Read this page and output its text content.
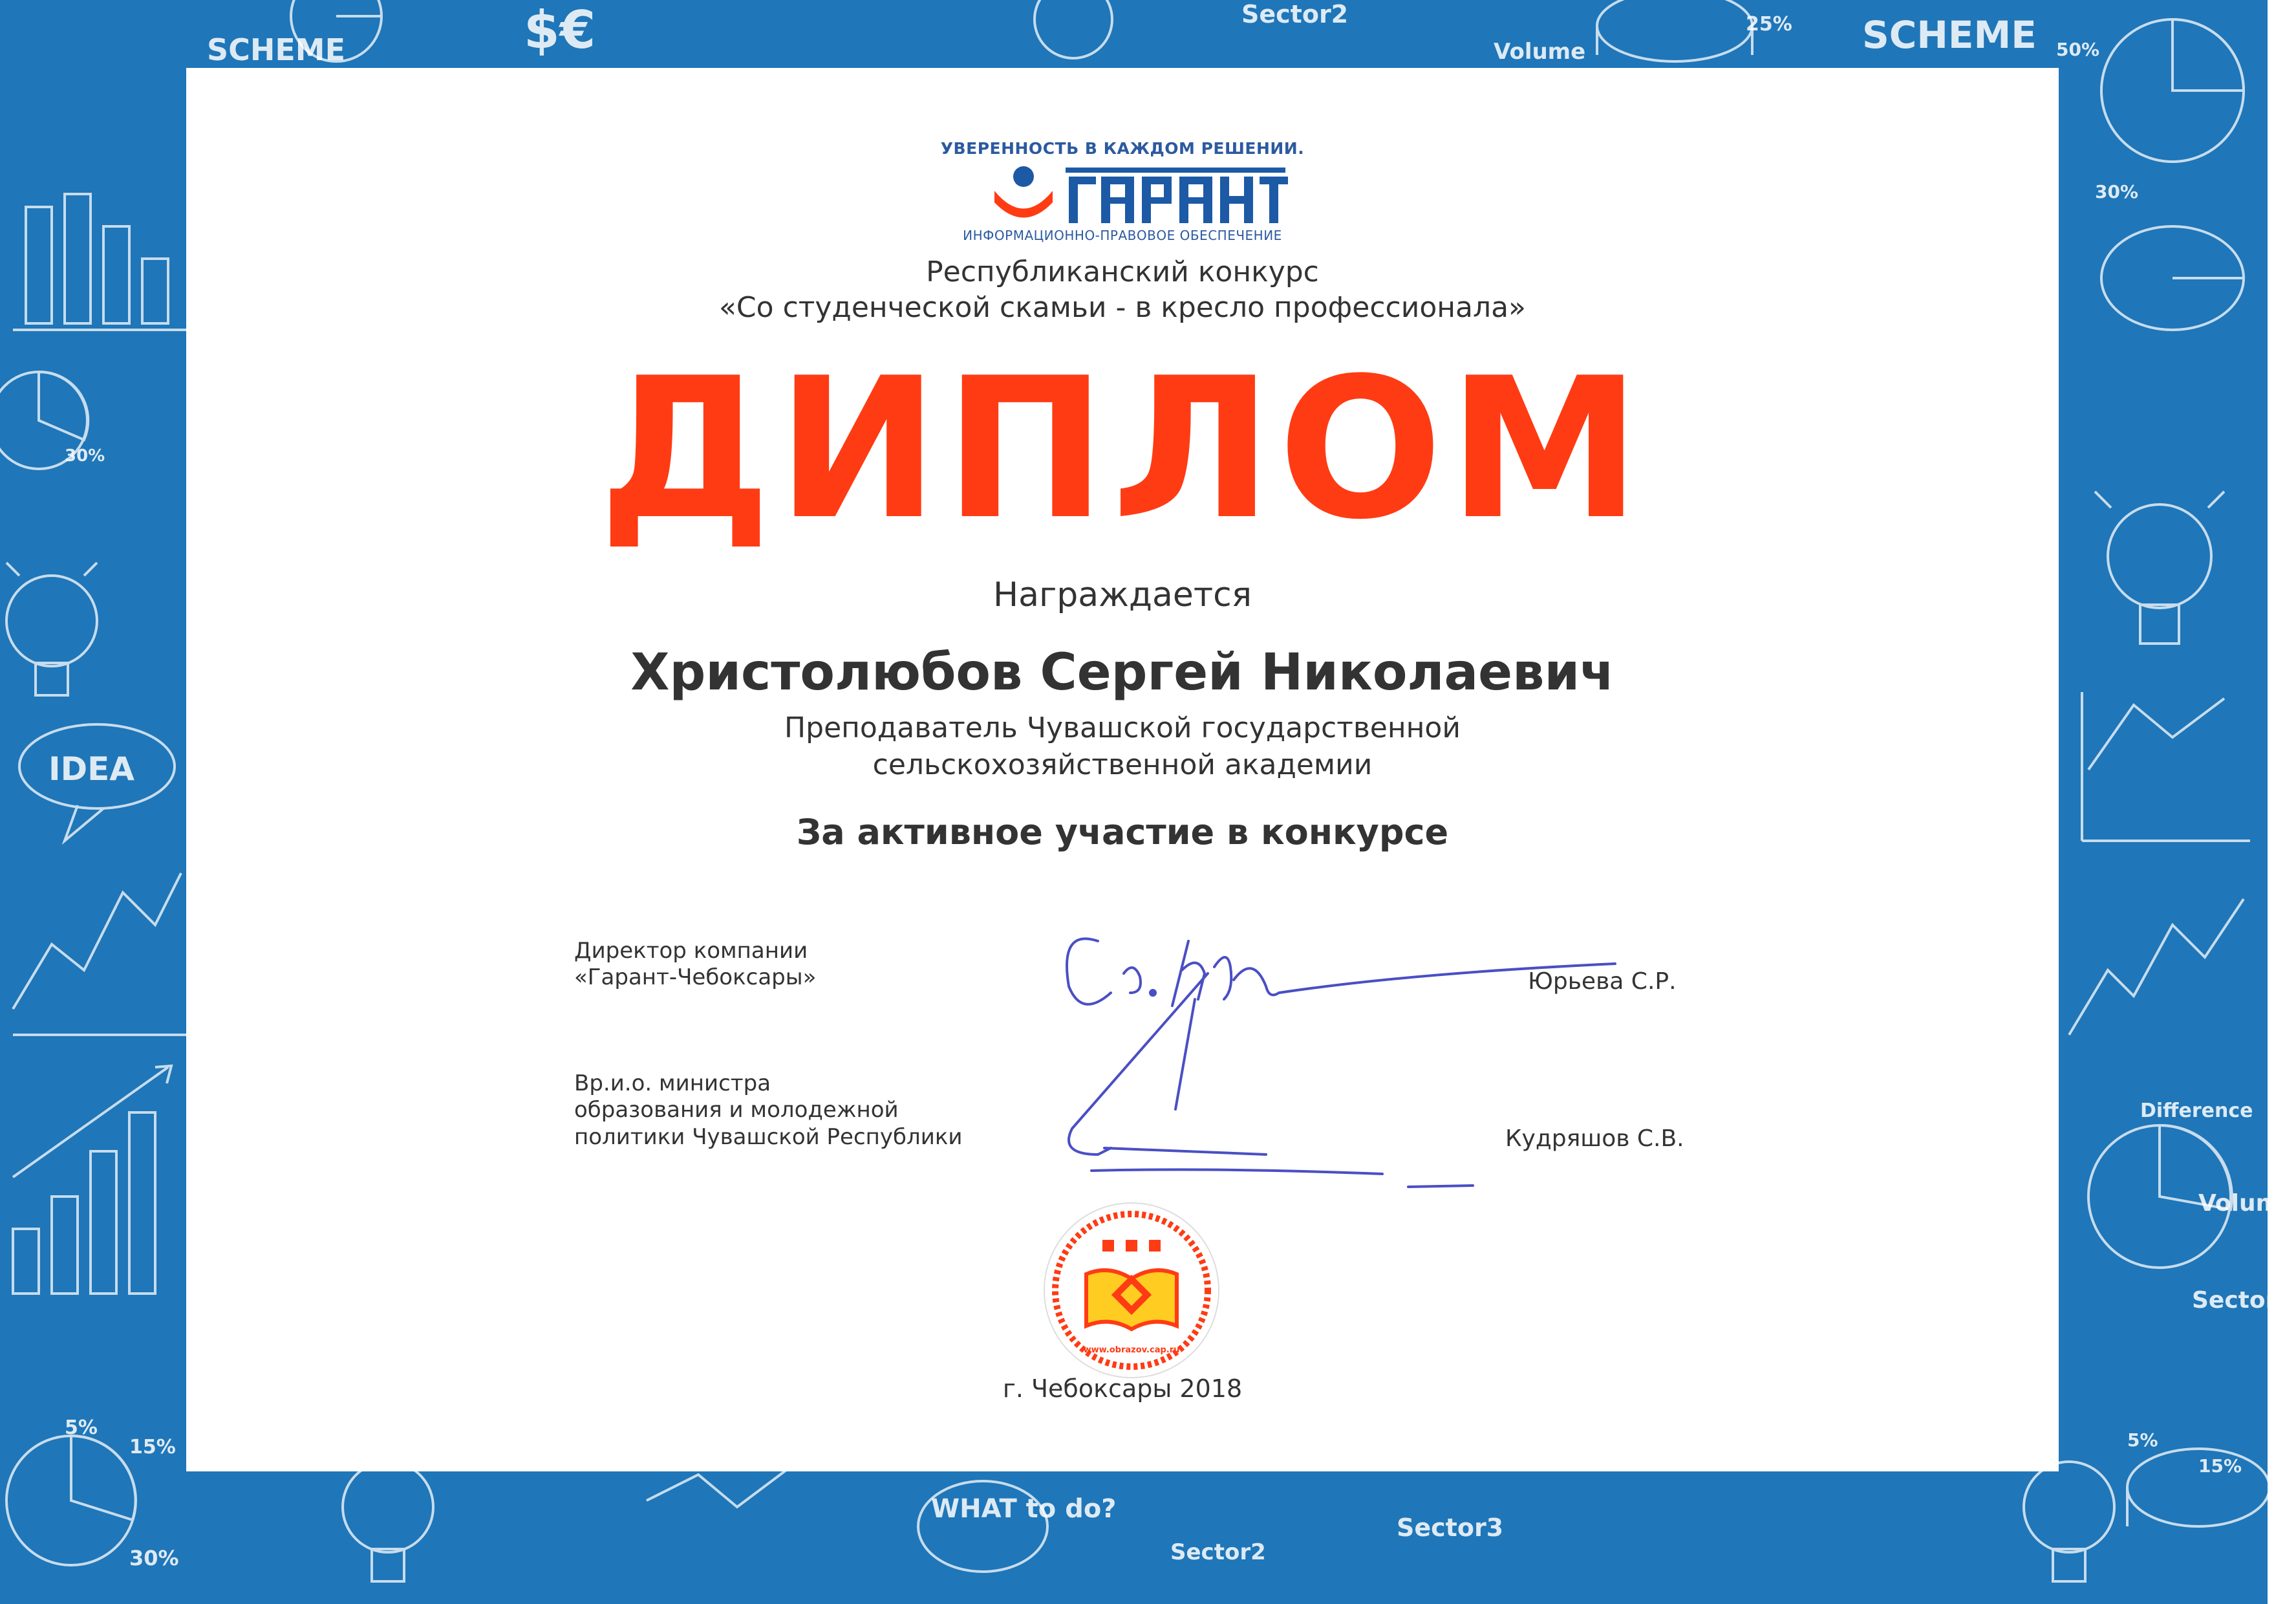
SCHEME	SCHEME
$€	Sector2
Volume
25%
50%
30%
IDEA
Difference
Volume
Sector3
WHAT to do?
Sector2
Sector3
5%
15%
30%
5%
15%
30%
УВЕРЕННОСТЬ В КАЖДОМ РЕШЕНИИ.
ИНФОРМАЦИОННО-ПРАВОВОЕ ОБЕСПЕЧЕНИЕ
Республиканский конкурс
«Со студенческой скамьи - в кресло профессионала»
ДИПЛОМ
Награждается
Христолюбов Сергей Николаевич
Преподаватель Чувашской государственной
сельскохозяйственной академии
За активное участие в конкурсе
Директор компании
«Гарант-Чебоксары»	Юрьева С.Р.
Вр.и.о. министра
образования и молодежной
политики Чувашской Республики	Кудряшов С.В.
www.obrazov.cap.ru
г. Чебоксары 2018
